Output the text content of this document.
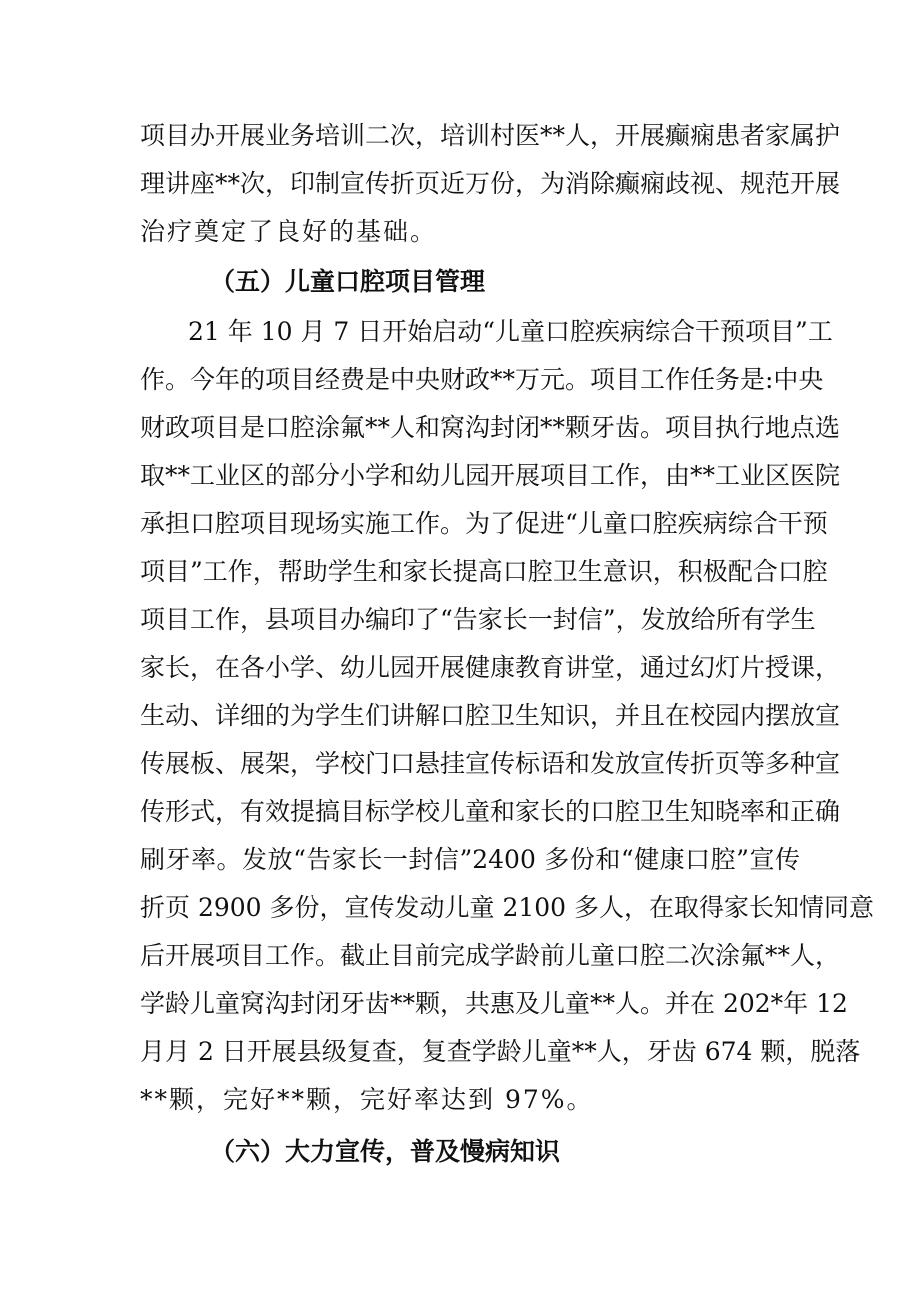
项目办开展业务培训二次，培训村医**人，开展癫痫患者家属护
理讲座**次，印制宣传折页近万份，为消除癫痫歧视、规范开展
治疗奠定了良好的基础。
（五）儿童口腔项目管理
21 年 10 月 7 日开始启动“儿童口腔疾病综合干预项目”工
作。今年的项目经费是中央财政**万元。项目工作任务是:中央
财政项目是口腔涂氟**人和窝沟封闭**颗牙齿。项目执行地点选
取**工业区的部分小学和幼儿园开展项目工作，由**工业区医院
承担口腔项目现场实施工作。为了促进“儿童口腔疾病综合干预
项目”工作，帮助学生和家长提高口腔卫生意识，积极配合口腔
项目工作，县项目办编印了“告家长一封信”，发放给所有学生
家长，在各小学、幼儿园开展健康教育讲堂，通过幻灯片授课，
生动、详细的为学生们讲解口腔卫生知识，并且在校园内摆放宣
传展板、展架，学校门口悬挂宣传标语和发放宣传折页等多种宣
传形式，有效提搞目标学校儿童和家长的口腔卫生知晓率和正确
刷牙率。发放“告家长一封信”2400 多份和“健康口腔”宣传
折页 2900 多份，宣传发动儿童 2100 多人，在取得家长知情同意
后开展项目工作。截止目前完成学龄前儿童口腔二次涂氟**人，
学龄儿童窝沟封闭牙齿**颗，共惠及儿童**人。并在 202*年 12
月月 2 日开展县级复查，复查学龄儿童**人，牙齿 674 颗，脱落
**颗，完好**颗，完好率达到 97%。
（六）大力宣传，普及慢病知识
